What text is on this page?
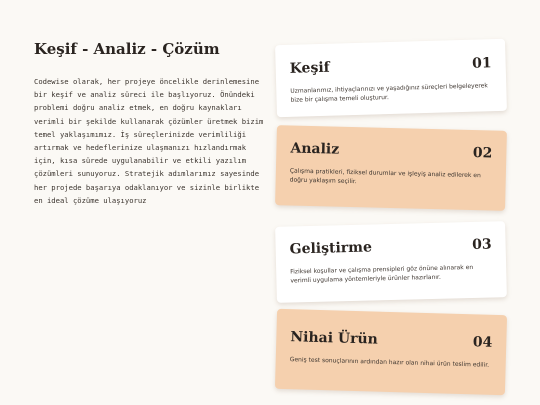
Keşif - Analiz - Çözüm

Codewise olarak, her projeye öncelikle derinlemesine bir keşif ve analiz süreci ile başlıyoruz. Önündeki problemi doğru analiz etmek, en doğru kaynakları verimli bir şekilde kullanarak çözümler üretmek bizim temel yaklaşımımız. İş süreçlerinizde verimliliği artırmak ve hedeflerinize ulaşmanızı hızlandırmak için, kısa sürede uygulanabilir ve etkili yazılım çözümleri sunuyoruz. Stratejik adımlarımız sayesinde her projede başarıya odaklanıyor ve sizinle birlikte en ideal çözüme ulaşıyoruz

Keşif	01

Uzmanlarımız, ihtiyaçlarınızı ve yaşadığınız süreçleri belgeleyerek bize bir çalışma temeli oluşturur.

Analiz	02

Çalışma pratikleri, fiziksel durumlar ve işleyiş analiz edilerek en doğru yaklaşım seçilir.

Geliştirme	03

Fiziksel koşullar ve çalışma prensipleri göz önüne alınarak en verimli uygulama yöntemleriyle ürünler hazırlanır.

Nihai Ürün	04

Geniş test sonuçlarının ardından hazır olan nihai ürün teslim edilir.
